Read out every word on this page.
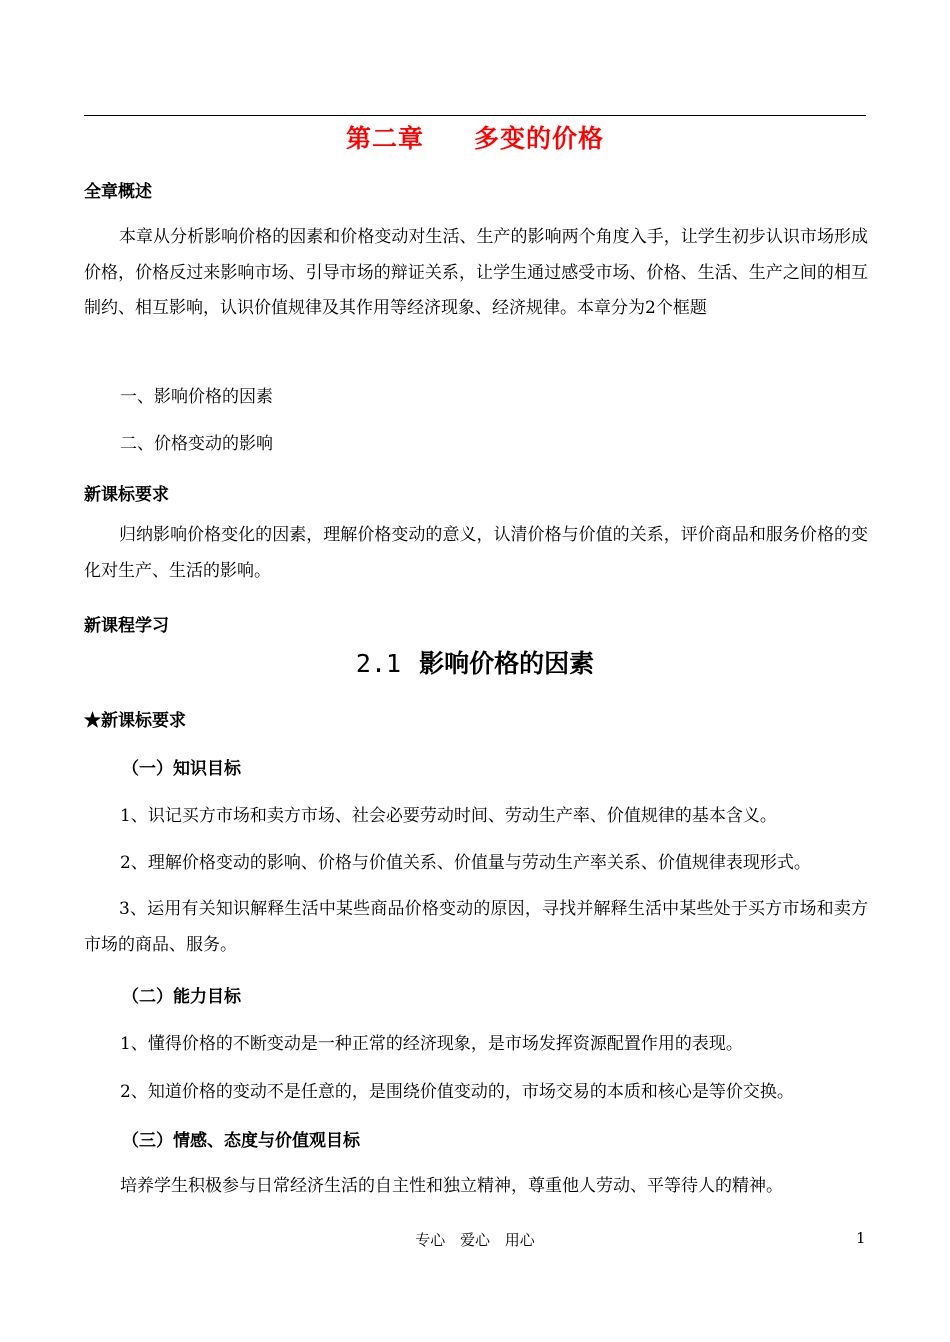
第二章 多变的价格
全章概述
本章从分析影响价格的因素和价格变动对生活、生产的影响两个角度入手，让学生初步认识市场形成价格，价格反过来影响市场、引导市场的辩证关系，让学生通过感受市场、价格、生活、生产之间的相互制约、相互影响，认识价值规律及其作用等经济现象、经济规律。本章分为2个框题
一、影响价格的因素
二、价格变动的影响
新课标要求
归纳影响价格变化的因素，理解价格变动的意义，认清价格与价值的关系，评价商品和服务价格的变化对生产、生活的影响。
新课程学习
2.1 影响价格的因素
★新课标要求
（一）知识目标
1、识记买方市场和卖方市场、社会必要劳动时间、劳动生产率、价值规律的基本含义。
2、理解价格变动的影响、价格与价值关系、价值量与劳动生产率关系、价值规律表现形式。
3、运用有关知识解释生活中某些商品价格变动的原因，寻找并解释生活中某些处于买方市场和卖方市场的商品、服务。
（二）能力目标
1、懂得价格的不断变动是一种正常的经济现象，是市场发挥资源配置作用的表现。
2、知道价格的变动不是任意的，是围绕价值变动的，市场交易的本质和核心是等价交换。
（三）情感、态度与价值观目标
培养学生积极参与日常经济生活的自主性和独立精神，尊重他人劳动、平等待人的精神。
专心 爱心 用心	1
